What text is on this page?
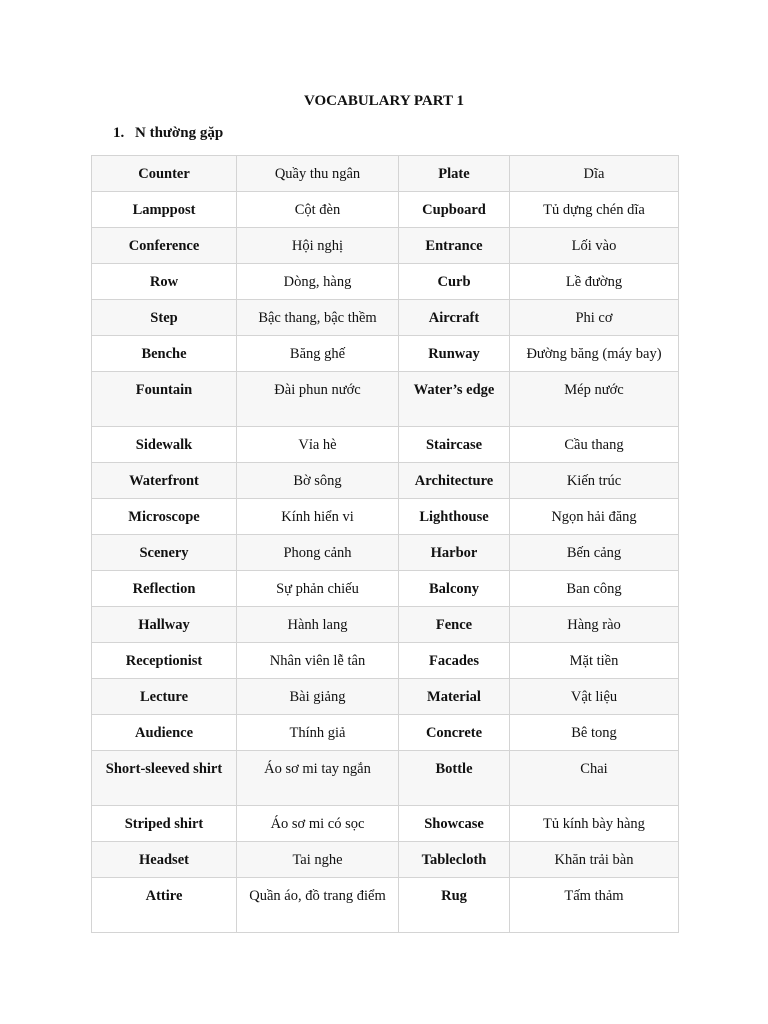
VOCABULARY PART 1
1. N thường gặp
Counter	Quầy thu ngân	Plate	Dĩa
Lamppost	Cột đèn	Cupboard	Tủ dựng chén dĩa
Conference	Hội nghị	Entrance	Lối vào
Row	Dòng, hàng	Curb	Lề đường
Step	Bậc thang, bậc thềm	Aircraft	Phi cơ
Benche	Băng ghế	Runway	Đường băng (máy bay)
Fountain	Đài phun nước	Water’s edge	Mép nước
Sidewalk	Vỉa hè	Staircase	Cầu thang
Waterfront	Bờ sông	Architecture	Kiến trúc
Microscope	Kính hiển vi	Lighthouse	Ngọn hải đăng
Scenery	Phong cảnh	Harbor	Bến cảng
Reflection	Sự phản chiếu	Balcony	Ban công
Hallway	Hành lang	Fence	Hàng rào
Receptionist	Nhân viên lễ tân	Facades	Mặt tiền
Lecture	Bài giảng	Material	Vật liệu
Audience	Thính giả	Concrete	Bê tong
Short-sleeved shirt	Áo sơ mi tay ngắn	Bottle	Chai
Striped shirt	Áo sơ mi có sọc	Showcase	Tủ kính bày hàng
Headset	Tai nghe	Tablecloth	Khăn trải bàn
Attire	Quần áo, đồ trang điểm	Rug	Tấm thảm
